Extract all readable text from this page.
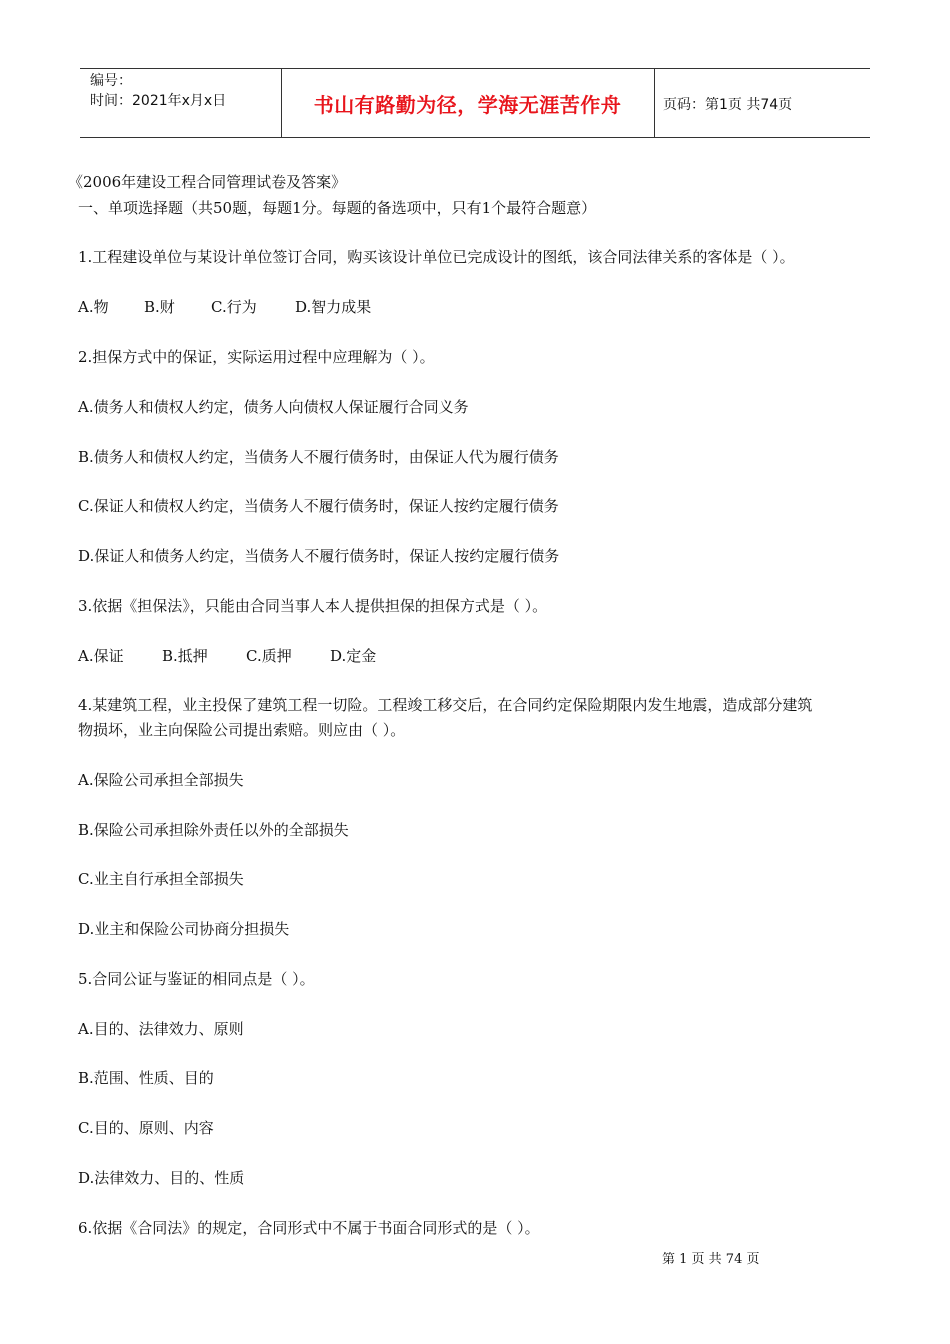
编号：
时间：2021年x月x日	书山有路勤为径，学海无涯苦作舟	页码：第1页 共74页
《2006年建设工程合同管理试卷及答案》
一、单项选择题（共50题，每题1分。每题的备选项中，只有1个最符合题意）
1.工程建设单位与某设计单位签订合同，购买该设计单位已完成设计的图纸，该合同法律关系的客体是（ ）。
A.物 B.财 C.行为	D.智力成果
2.担保方式中的保证，实际运用过程中应理解为（ ）。
A.债务人和债权人约定，债务人向债权人保证履行合同义务
B.债务人和债权人约定，当债务人不履行债务时，由保证人代为履行债务
C.保证人和债权人约定，当债务人不履行债务时，保证人按约定履行债务
D.保证人和债务人约定，当债务人不履行债务时，保证人按约定履行债务
3.依据《担保法》，只能由合同当事人本人提供担保的担保方式是（ ）。
A.保证	B.抵押	C.质押	D.定金
4.某建筑工程，业主投保了建筑工程一切险。工程竣工移交后，在合同约定保险期限内发生地震，造成部分建筑
物损坏，业主向保险公司提出索赔。则应由（ ）。
A.保险公司承担全部损失
B.保险公司承担除外责任以外的全部损失
C.业主自行承担全部损失
D.业主和保险公司协商分担损失
5.合同公证与鉴证的相同点是（ ）。
A.目的、法律效力、原则
B.范围、性质、目的
C.目的、原则、内容
D.法律效力、目的、性质
6.依据《合同法》的规定，合同形式中不属于书面合同形式的是（ ）。
第 1 页 共 74 页
